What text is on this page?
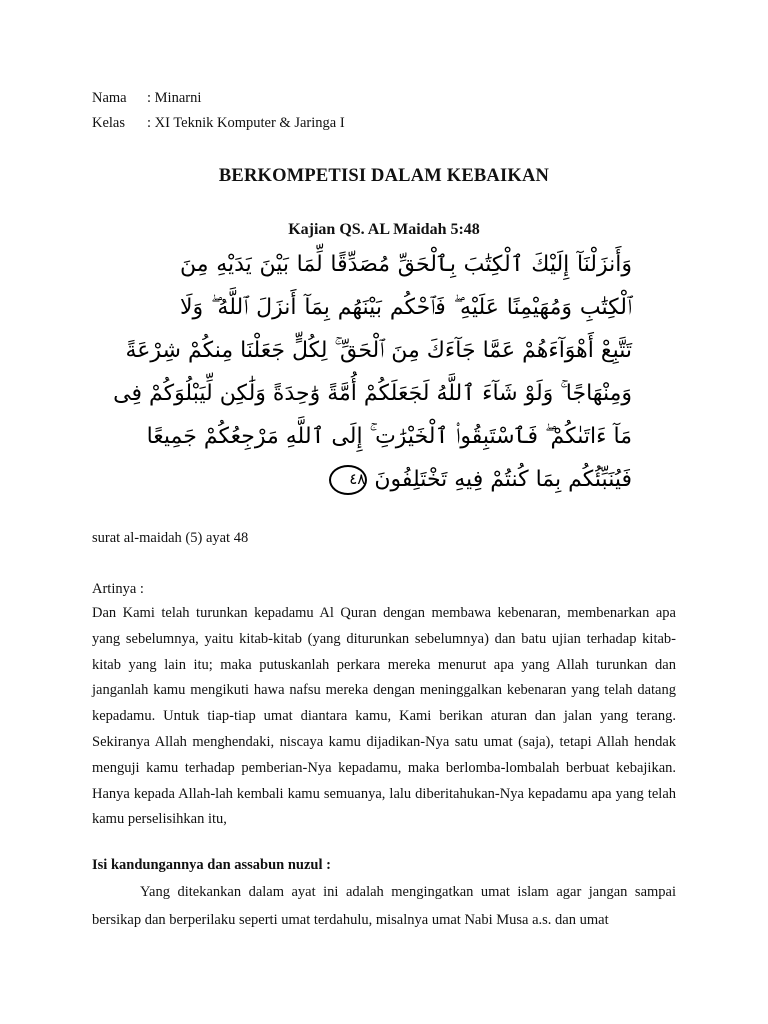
Nama : Minarni
Kelas : XI Teknik Komputer & Jaringa I
BERKOMPETISI DALAM KEBAIKAN
Kajian QS. AL Maidah 5:48
وَأَنزَلْنَآ إِلَيْكَ ٱلْكِتَٰبَ بِٱلْحَقِّ مُصَدِّقًا لِّمَا بَيْنَ يَدَيْهِ مِنَ
ٱلْكِتَٰبِ وَمُهَيْمِنًا عَلَيْهِ ۖ فَٱحْكُم بَيْنَهُم بِمَآ أَنزَلَ ٱللَّهُ ۖ وَلَا
تَتَّبِعْ أَهْوَآءَهُمْ عَمَّا جَآءَكَ مِنَ ٱلْحَقِّ ۚ لِكُلٍّ جَعَلْنَا مِنكُمْ شِرْعَةً
وَمِنْهَاجًا ۚ وَلَوْ شَآءَ ٱللَّهُ لَجَعَلَكُمْ أُمَّةً وَٰحِدَةً وَلَٰكِن لِّيَبْلُوَكُمْ فِى
مَآ ءَاتَىٰكُمْ ۖ فَٱسْتَبِقُوا۟ ٱلْخَيْرَٰتِ ۚ إِلَى ٱللَّهِ مَرْجِعُكُمْ جَمِيعًا
فَيُنَبِّئُكُم بِمَا كُنتُمْ فِيهِ تَخْتَلِفُونَ ٤٨
surat al-maidah (5) ayat 48
Artinya :
Dan Kami telah turunkan kepadamu Al Quran dengan membawa kebenaran, membenarkan apa yang sebelumnya, yaitu kitab-kitab (yang diturunkan sebelumnya) dan batu ujian terhadap kitab-kitab yang lain itu; maka putuskanlah perkara mereka menurut apa yang Allah turunkan dan janganlah kamu mengikuti hawa nafsu mereka dengan meninggalkan kebenaran yang telah datang kepadamu. Untuk tiap-tiap umat diantara kamu, Kami berikan aturan dan jalan yang terang. Sekiranya Allah menghendaki, niscaya kamu dijadikan-Nya satu umat (saja), tetapi Allah hendak menguji kamu terhadap pemberian-Nya kepadamu, maka berlomba-lombalah berbuat kebajikan. Hanya kepada Allah-lah kembali kamu semuanya, lalu diberitahukan-Nya kepadamu apa yang telah kamu perselisihkan itu,
Isi kandungannya dan assabun nuzul :
Yang ditekankan dalam ayat ini adalah mengingatkan umat islam agar jangan sampai bersikap dan berperilaku seperti umat terdahulu, misalnya umat Nabi Musa a.s. dan umat
